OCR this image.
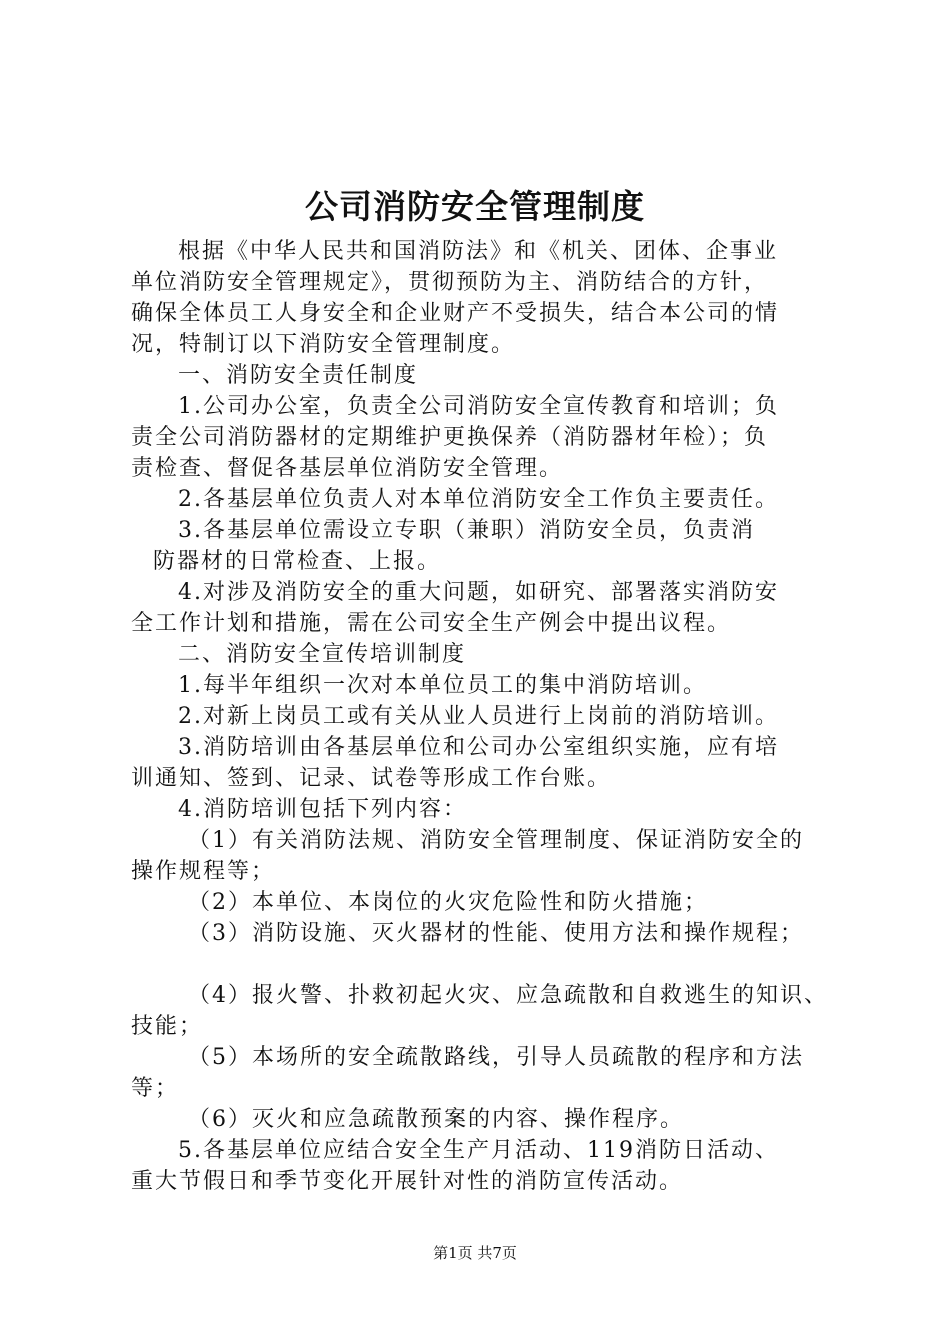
公司消防安全管理制度

根据《中华人民共和国消防法》和《机关、团体、企事业

单位消防安全管理规定》，贯彻预防为主、消防结合的方针，

确保全体员工人身安全和企业财产不受损失，结合本公司的情

况，特制订以下消防安全管理制度。

一、消防安全责任制度

1.公司办公室，负责全公司消防安全宣传教育和培训；负

责全公司消防器材的定期维护更换保养（消防器材年检）；负

责检查、督促各基层单位消防安全管理。

2.各基层单位负责人对本单位消防安全工作负主要责任。

3.各基层单位需设立专职（兼职）消防安全员，负责消

防器材的日常检查、上报。

4.对涉及消防安全的重大问题，如研究、部署落实消防安

全工作计划和措施，需在公司安全生产例会中提出议程。

二、消防安全宣传培训制度

1.每半年组织一次对本单位员工的集中消防培训。

2.对新上岗员工或有关从业人员进行上岗前的消防培训。

3.消防培训由各基层单位和公司办公室组织实施，应有培

训通知、签到、记录、试卷等形成工作台账。

4.消防培训包括下列内容：

（1）有关消防法规、消防安全管理制度、保证消防安全的

操作规程等；

（2）本单位、本岗位的火灾危险性和防火措施；

（3）消防设施、灭火器材的性能、使用方法和操作规程；

（4）报火警、扑救初起火灾、应急疏散和自救逃生的知识、

技能；

（5）本场所的安全疏散路线，引导人员疏散的程序和方法

等；

（6）灭火和应急疏散预案的内容、操作程序。

5.各基层单位应结合安全生产月活动、119消防日活动、

重大节假日和季节变化开展针对性的消防宣传活动。

第1页 共7页
